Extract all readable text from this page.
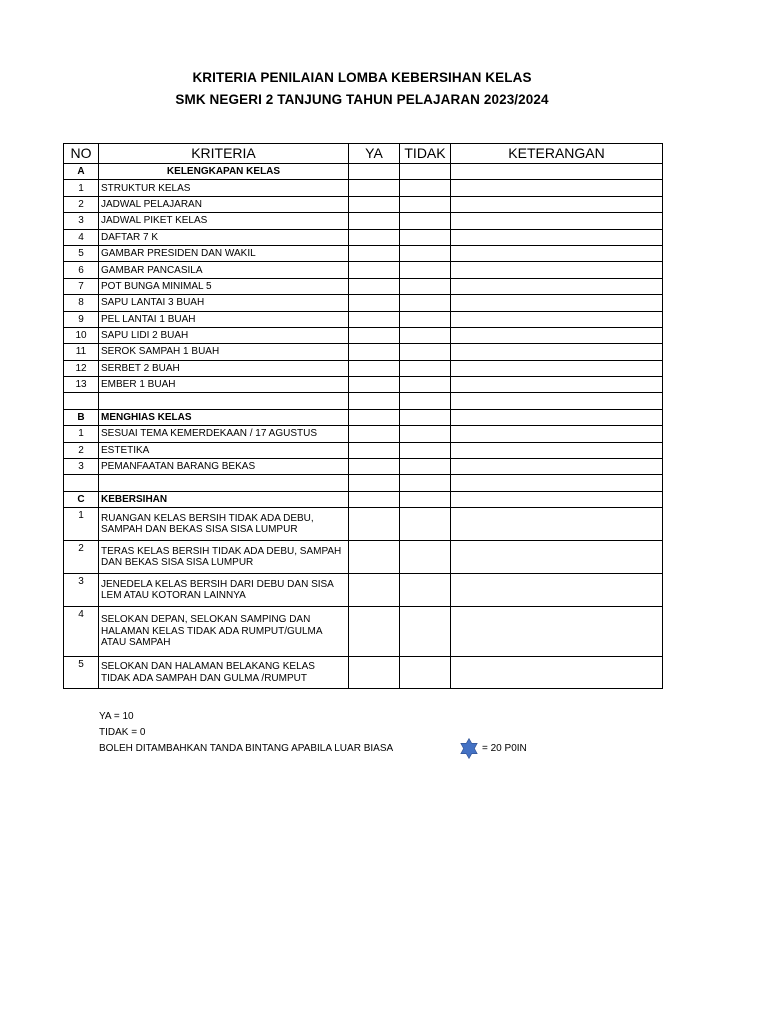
KRITERIA PENILAIAN LOMBA KEBERSIHAN KELAS
SMK NEGERI 2 TANJUNG TAHUN PELAJARAN 2023/2024
NO	KRITERIA	YA	TIDAK	KETERANGAN
A	KELENGKAPAN KELAS			
1	STRUKTUR KELAS			
2	JADWAL PELAJARAN			
3	JADWAL PIKET KELAS			
4	DAFTAR 7 K			
5	GAMBAR PRESIDEN DAN WAKIL			
6	GAMBAR PANCASILA			
7	POT BUNGA MINIMAL 5			
8	SAPU LANTAI 3 BUAH			
9	PEL LANTAI 1 BUAH			
10	SAPU LIDI 2 BUAH			
11	SEROK SAMPAH 1 BUAH			
12	SERBET 2 BUAH			
13	EMBER 1 BUAH			

B	MENGHIAS KELAS			
1	SESUAI TEMA KEMERDEKAAN / 17 AGUSTUS			
2	ESTETIKA			
3	PEMANFAATAN BARANG BEKAS			

C	KEBERSIHAN			
1	RUANGAN KELAS BERSIH TIDAK ADA DEBU, SAMPAH DAN BEKAS SISA SISA LUMPUR			
2	TERAS KELAS BERSIH TIDAK ADA DEBU, SAMPAH DAN BEKAS SISA SISA LUMPUR			
3	JENEDELA KELAS BERSIH DARI DEBU DAN SISA LEM ATAU KOTORAN LAINNYA			
4	SELOKAN DEPAN, SELOKAN SAMPING DAN HALAMAN KELAS TIDAK ADA RUMPUT/GULMA ATAU SAMPAH			
5	SELOKAN DAN HALAMAN BELAKANG KELAS TIDAK ADA SAMPAH DAN GULMA /RUMPUT			
YA = 10
TIDAK = 0
BOLEH DITAMBAHKAN TANDA BINTANG APABILA LUAR BIASA	= 20 P0IN
